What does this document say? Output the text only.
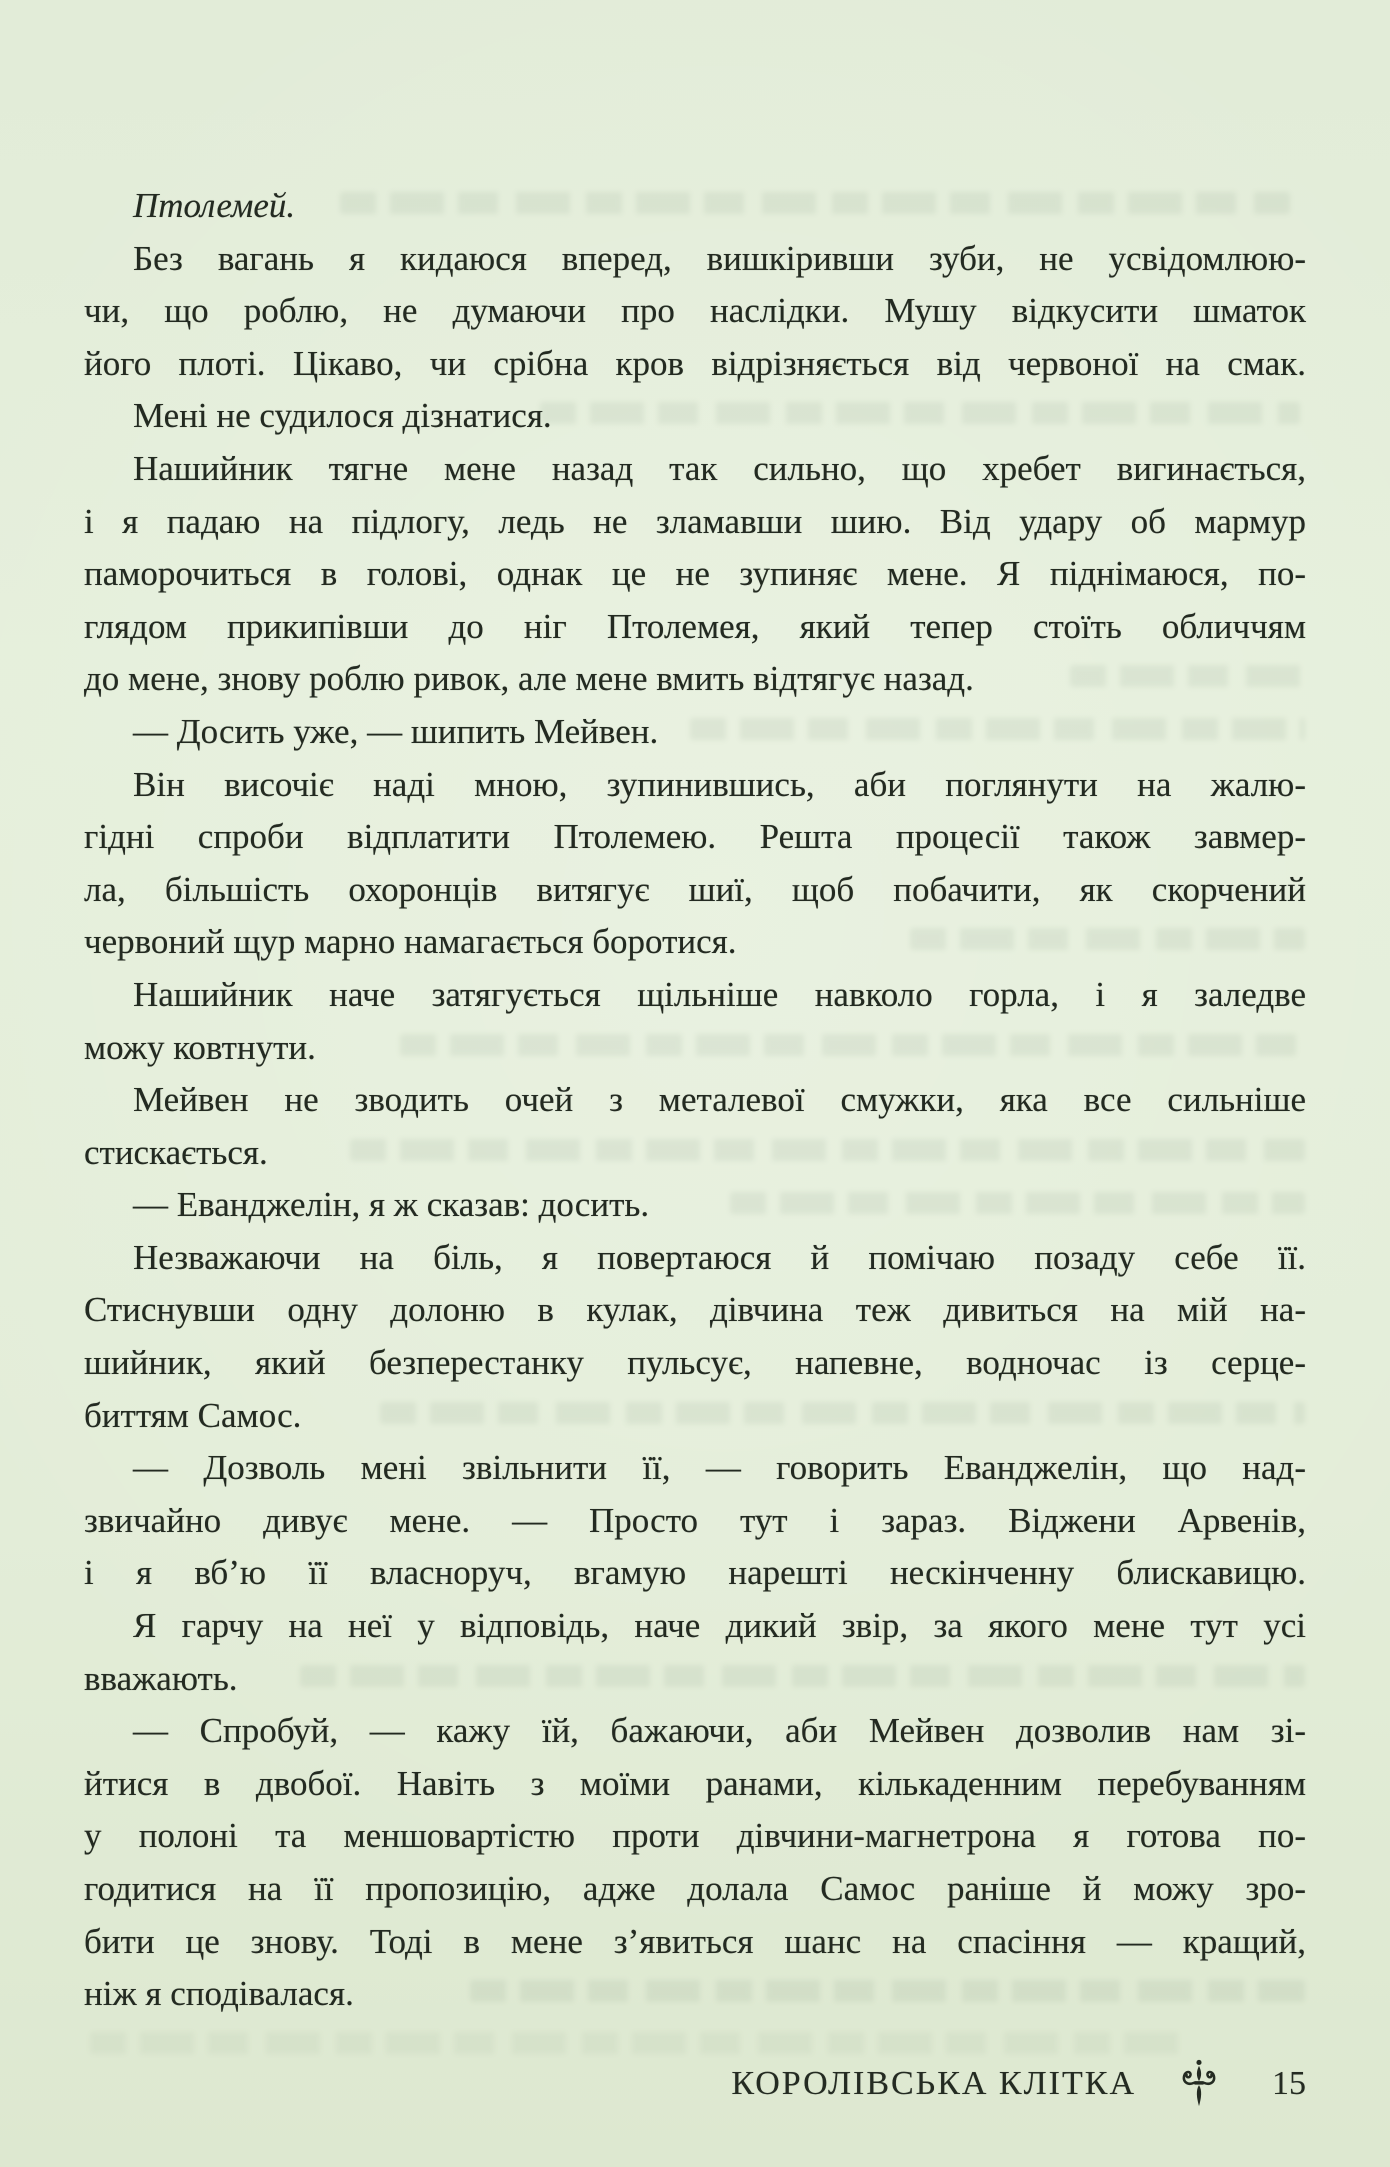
Птолемей.
Без вагань я кидаюся вперед, вишкіривши зуби, не усвідомлюю-
чи, що роблю, не думаючи про наслідки. Мушу відкусити шматок
його плоті. Цікаво, чи срібна кров відрізняється від червоної на смак.
Мені не судилося дізнатися.
Нашийник тягне мене назад так сильно, що хребет вигинається,
і я падаю на підлогу, ледь не зламавши шию. Від удару об мармур
паморочиться в голові, однак це не зупиняє мене. Я піднімаюся, по-
глядом прикипівши до ніг Птолемея, який тепер стоїть обличчям
до мене, знову роблю ривок, але мене вмить відтягує назад.
— Досить уже, — шипить Мейвен.
Він височіє наді мною, зупинившись, аби поглянути на жалю-
гідні спроби відплатити Птолемею. Решта процесії також завмер-
ла, більшість охоронців витягує шиї, щоб побачити, як скорчений
червоний щур марно намагається боротися.
Нашийник наче затягується щільніше навколо горла, і я заледве
можу ковтнути.
Мейвен не зводить очей з металевої смужки, яка все сильніше
стискається.
— Еванджелін, я ж сказав: досить.
Незважаючи на біль, я повертаюся й помічаю позаду себе її.
Стиснувши одну долоню в кулак, дівчина теж дивиться на мій на-
шийник, який безперестанку пульсує, напевне, водночас із серце-
биттям Самос.
— Дозволь мені звільнити її, — говорить Еванджелін, що над-
звичайно дивує мене. — Просто тут і зараз. Віджени Арвенів,
і я вб’ю її власноруч, вгамую нарешті нескінченну блискавицю.
Я гарчу на неї у відповідь, наче дикий звір, за якого мене тут усі
вважають.
— Спробуй, — кажу їй, бажаючи, аби Мейвен дозволив нам зі-
йтися в двобої. Навіть з моїми ранами, кількаденним перебуванням
у полоні та меншовартістю проти дівчини-магнетрона я готова по-
годитися на її пропозицію, адже долала Самос раніше й можу зро-
бити це знову. Тоді в мене з’явиться шанс на спасіння — кращий,
ніж я сподівалася.
КОРОЛІВСЬКА КЛІТКА	15
